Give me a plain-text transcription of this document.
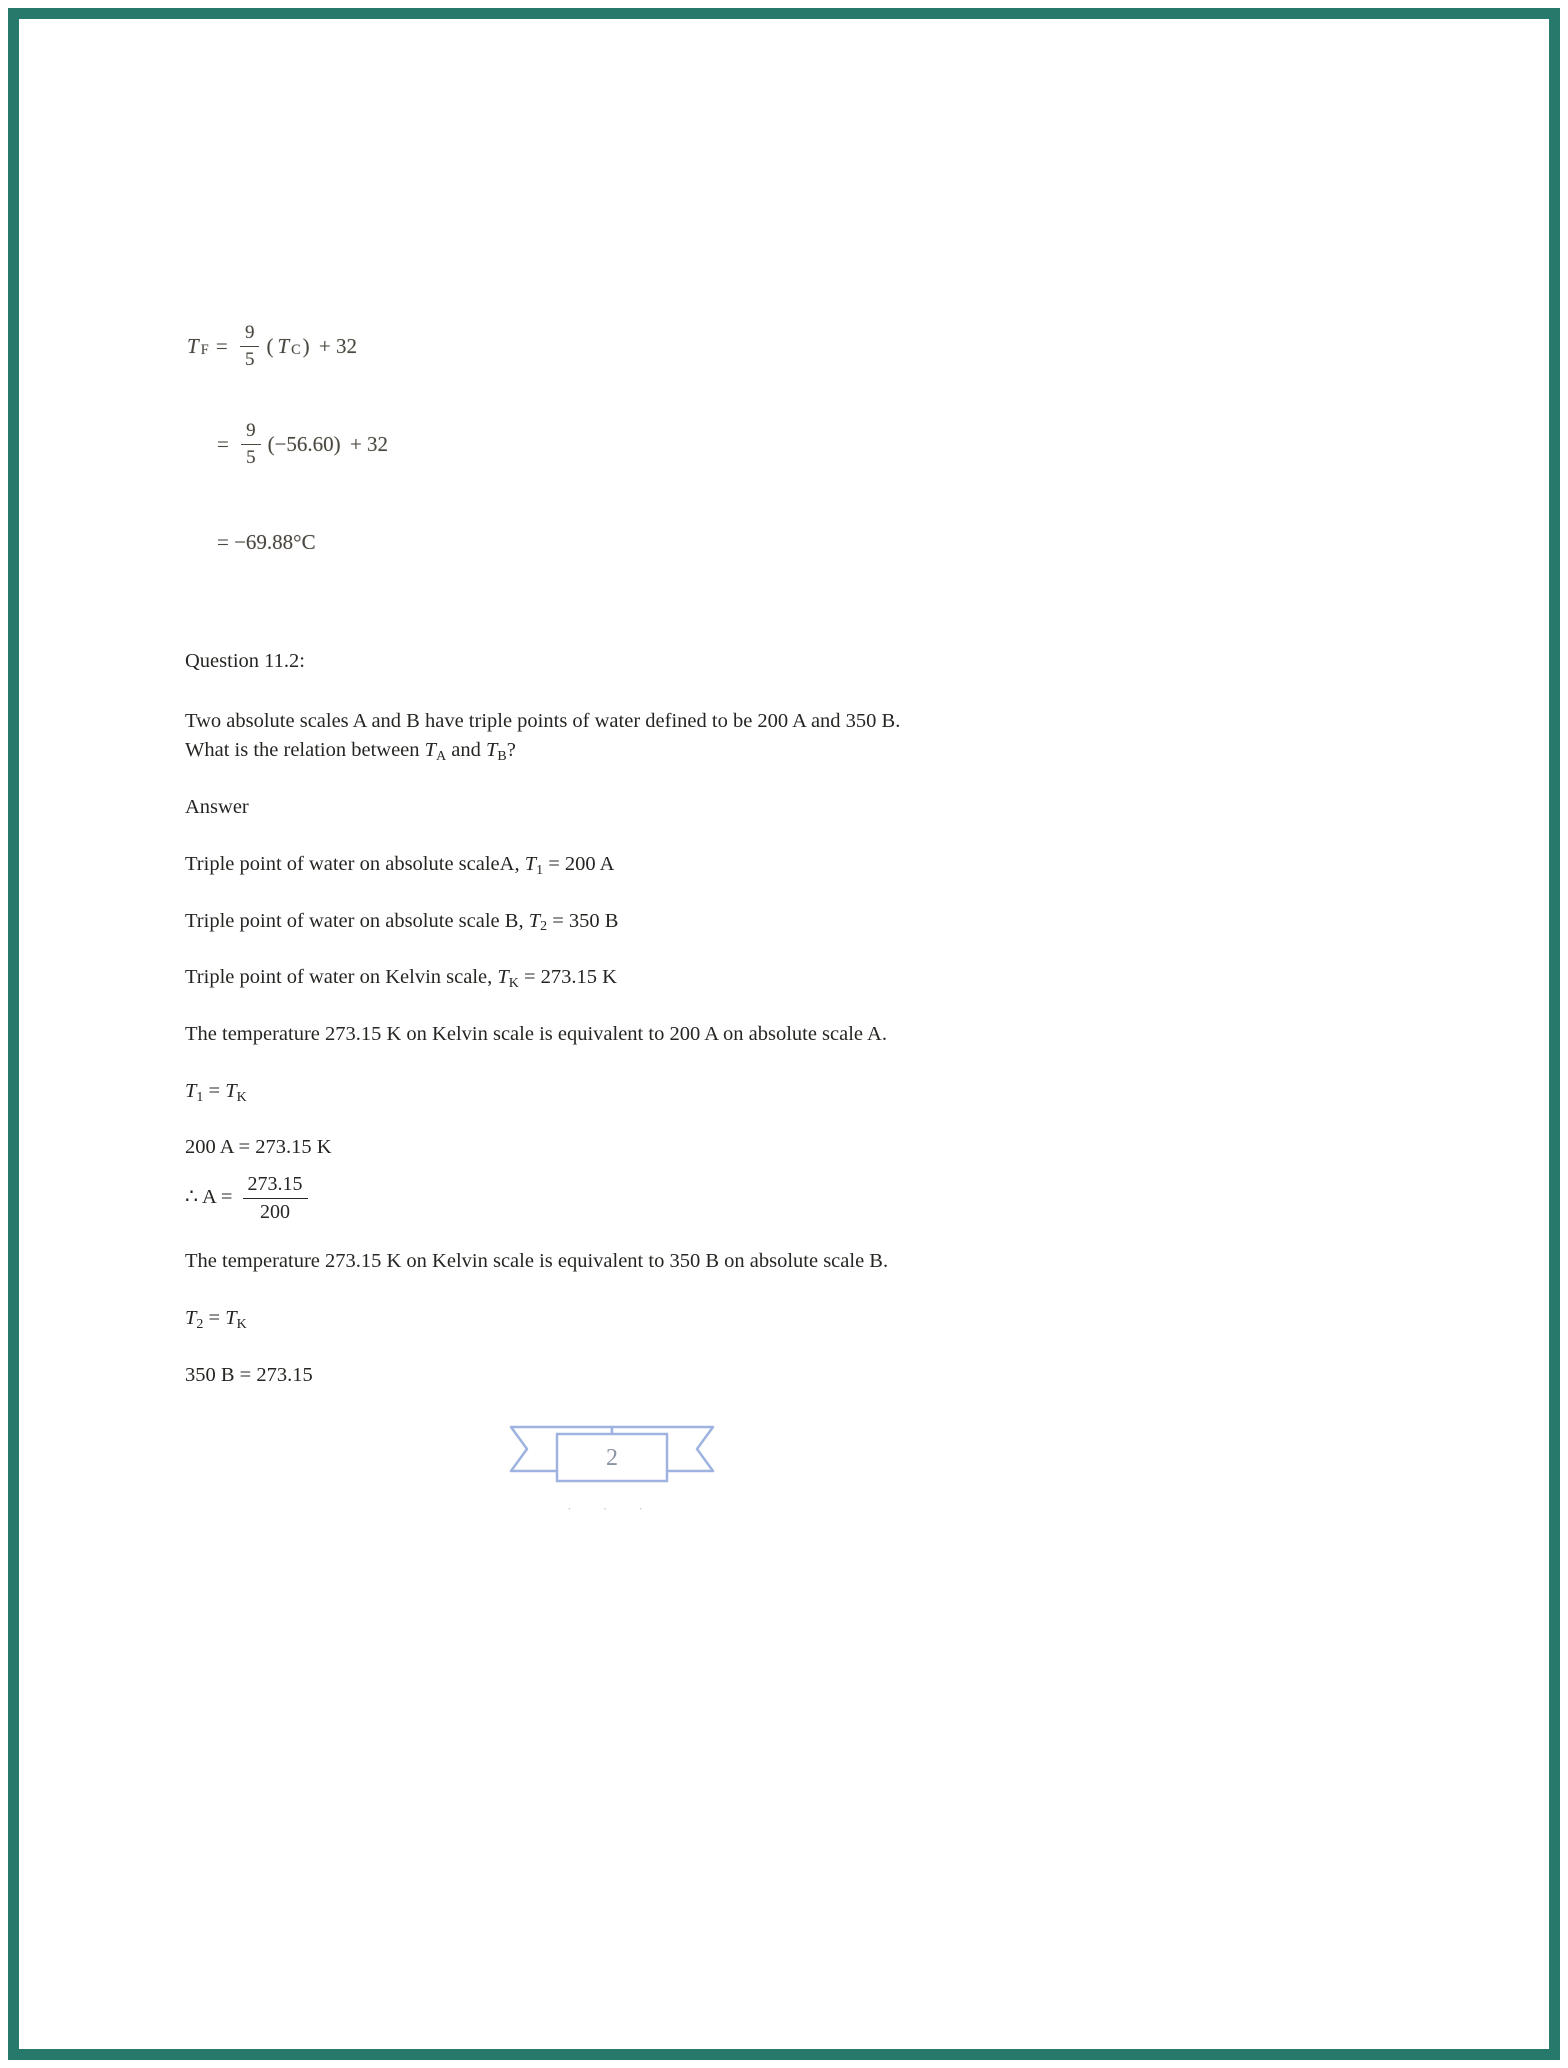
$T_F = \frac{9}{5}$ ( $T_C$ ) + 32
= $\frac{9}{5} (-56.60) + 32$
= −69.88°C

Question 11.2:

Two absolute scales A and B have triple points of water defined to be 200 A and 350 B.
What is the relation between $T_A$ and $T_B$?

Answer

Triple point of water on absolute scaleA, $T_1 = 200$ A

Triple point of water on absolute scale B, $T_2 = 350$ B

Triple point of water on Kelvin scale, $T_K = 273.15$ K

The temperature 273.15 K on Kelvin scale is equivalent to 200 A on absolute scale A.

$T_1 = T_K$

200 A = 273.15 K

∴ $A = \frac{273.15}{200}$

The temperature 273.15 K on Kelvin scale is equivalent to 350 B on absolute scale B.

$T_2 = T_K$

350 B = 273.15

2
· · ·
